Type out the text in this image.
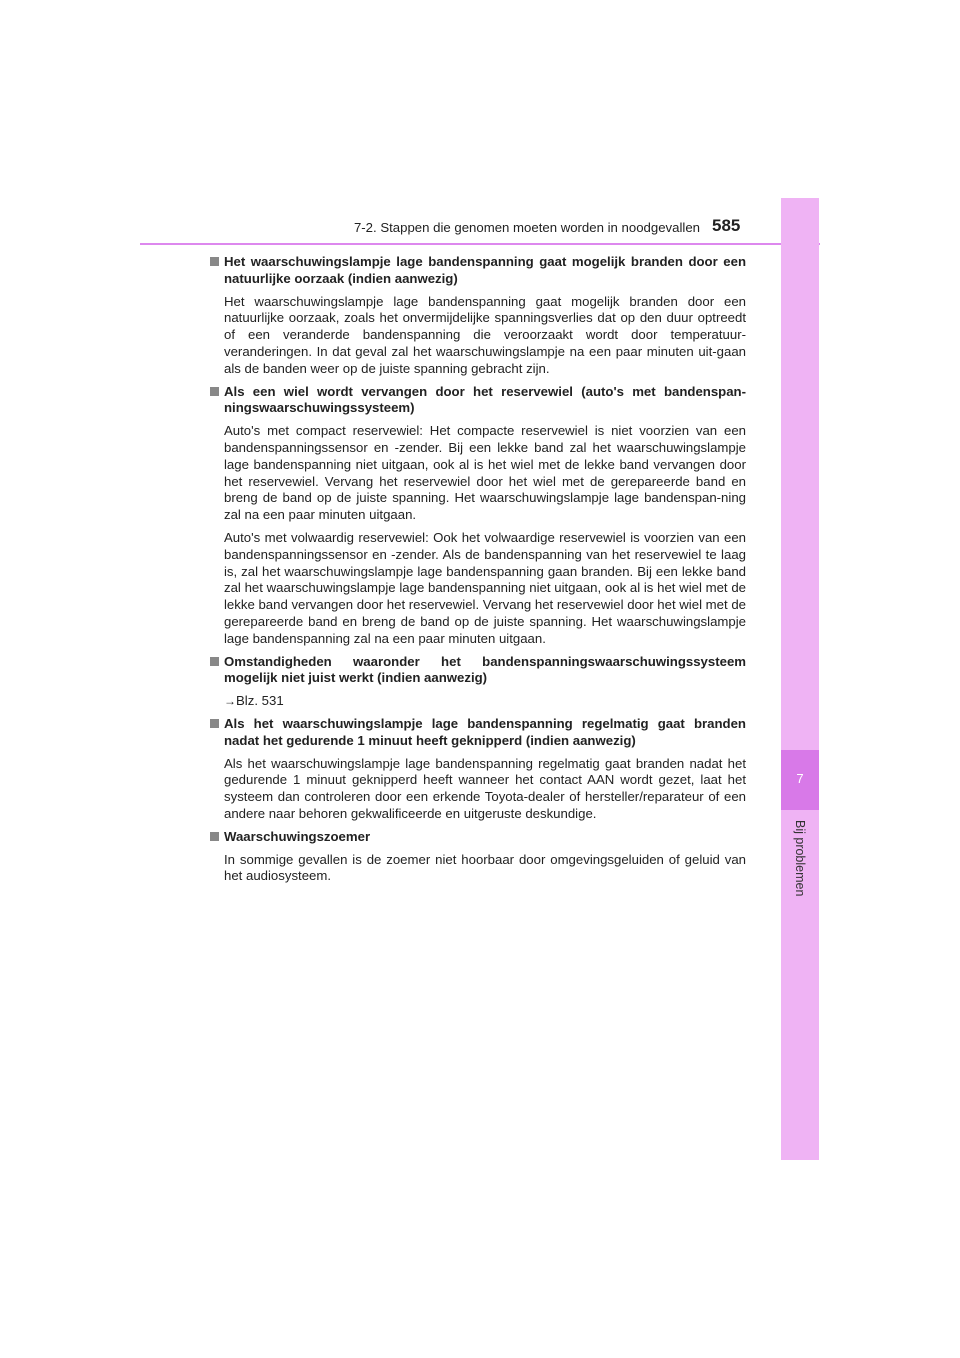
7-2. Stappen die genomen moeten worden in noodgevallen 585
7
Bij problemen
Het waarschuwingslampje lage bandenspanning gaat mogelijk branden door een natuurlijke oorzaak (indien aanwezig)
Het waarschuwingslampje lage bandenspanning gaat mogelijk branden door een natuurlijke oorzaak, zoals het onvermijdelijke spanningsverlies dat op den duur optreedt of een veranderde bandenspanning die veroorzaakt wordt door temperatuur-veranderingen. In dat geval zal het waarschuwingslampje na een paar minuten uit-gaan als de banden weer op de juiste spanning gebracht zijn.
Als een wiel wordt vervangen door het reservewiel (auto's met bandenspan-ningswaarschuwingssysteem)
Auto's met compact reservewiel: Het compacte reservewiel is niet voorzien van een bandenspanningssensor en -zender. Bij een lekke band zal het waarschuwingslampje lage bandenspanning niet uitgaan, ook al is het wiel met de lekke band vervangen door het reservewiel. Vervang het reservewiel door het wiel met de gerepareerde band en breng de band op de juiste spanning. Het waarschuwingslampje lage bandenspan-ning zal na een paar minuten uitgaan.
Auto's met volwaardig reservewiel: Ook het volwaardige reservewiel is voorzien van een bandenspanningssensor en -zender. Als de bandenspanning van het reservewiel te laag is, zal het waarschuwingslampje lage bandenspanning gaan branden. Bij een lekke band zal het waarschuwingslampje lage bandenspanning niet uitgaan, ook al is het wiel met de lekke band vervangen door het reservewiel. Vervang het reservewiel door het wiel met de gerepareerde band en breng de band op de juiste spanning. Het waarschuwingslampje lage bandenspanning zal na een paar minuten uitgaan.
Omstandigheden waaronder het bandenspanningswaarschuwingssysteem mogelijk niet juist werkt (indien aanwezig)
→Blz. 531
Als het waarschuwingslampje lage bandenspanning regelmatig gaat branden nadat het gedurende 1 minuut heeft geknipperd (indien aanwezig)
Als het waarschuwingslampje lage bandenspanning regelmatig gaat branden nadat het gedurende 1 minuut geknipperd heeft wanneer het contact AAN wordt gezet, laat het systeem dan controleren door een erkende Toyota-dealer of hersteller/reparateur of een andere naar behoren gekwalificeerde en uitgeruste deskundige.
Waarschuwingszoemer
In sommige gevallen is de zoemer niet hoorbaar door omgevingsgeluiden of geluid van het audiosysteem.
